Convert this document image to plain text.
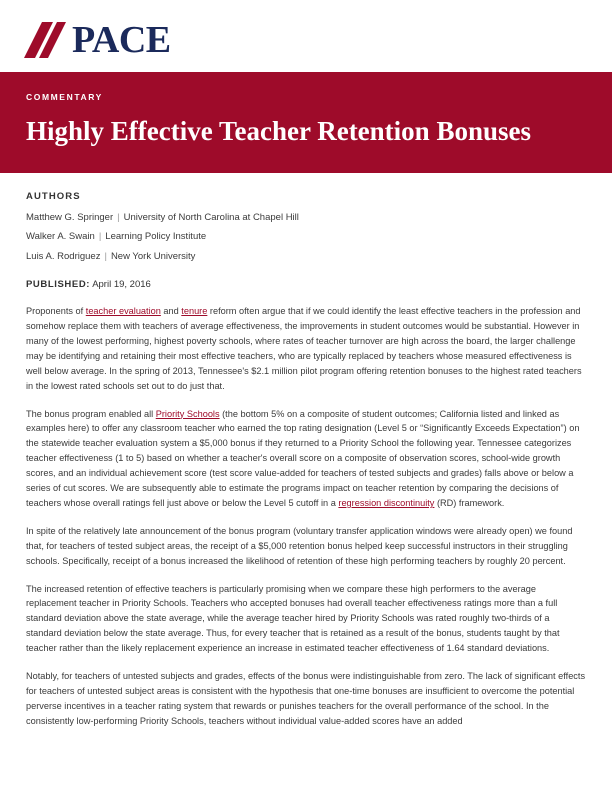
PACE
COMMENTARY
Highly Effective Teacher Retention Bonuses
AUTHORS
Matthew G. Springer | University of North Carolina at Chapel Hill
Walker A. Swain | Learning Policy Institute
Luis A. Rodriguez | New York University
PUBLISHED: April 19, 2016

Proponents of teacher evaluation and tenure reform often argue that if we could identify the least effective teachers in the profession and somehow replace them with teachers of average effectiveness, the improvements in student outcomes would be substantial. However in many of the lowest performing, highest poverty schools, where rates of teacher turnover are high across the board, the larger challenge may be identifying and retaining their most effective teachers, who are typically replaced by teachers whose measured effectiveness is well below average. In the spring of 2013, Tennessee's $2.1 million pilot program offering retention bonuses to the highest rated teachers in the lowest rated schools set out to do just that.

The bonus program enabled all Priority Schools (the bottom 5% on a composite of student outcomes; California listed and linked as examples here) to offer any classroom teacher who earned the top rating designation (Level 5 or “Significantly Exceeds Expectation”) on the statewide teacher evaluation system a $5,000 bonus if they returned to a Priority School the following year. Tennessee categorizes teacher effectiveness (1 to 5) based on whether a teacher's overall score on a composite of observation scores, school-wide growth scores, and an individual achievement score (test score value-added for teachers of tested subjects and grades) falls above or below a series of cut scores. We are subsequently able to estimate the programs impact on teacher retention by comparing the decisions of teachers whose overall ratings fell just above or below the Level 5 cutoff in a regression discontinuity (RD) framework.

In spite of the relatively late announcement of the bonus program (voluntary transfer application windows were already open) we found that, for teachers of tested subject areas, the receipt of a $5,000 retention bonus helped keep successful instructors in their struggling schools. Specifically, receipt of a bonus increased the likelihood of retention of these high performing teachers by roughly 20 percent.

The increased retention of effective teachers is particularly promising when we compare these high performers to the average replacement teacher in Priority Schools. Teachers who accepted bonuses had overall teacher effectiveness ratings more than a full standard deviation above the state average, while the average teacher hired by Priority Schools was rated roughly two-thirds of a standard deviation below the state average. Thus, for every teacher that is retained as a result of the bonus, students taught by that teacher rather than the likely replacement experience an increase in estimated teacher effectiveness of 1.64 standard deviations.

Notably, for teachers of untested subjects and grades, effects of the bonus were indistinguishable from zero. The lack of significant effects for teachers of untested subject areas is consistent with the hypothesis that one-time bonuses are insufficient to overcome the potential perverse incentives in a teacher rating system that rewards or punishes teachers for the overall performance of the school. In the consistently low-performing Priority Schools, teachers without individual value-added scores have an added
